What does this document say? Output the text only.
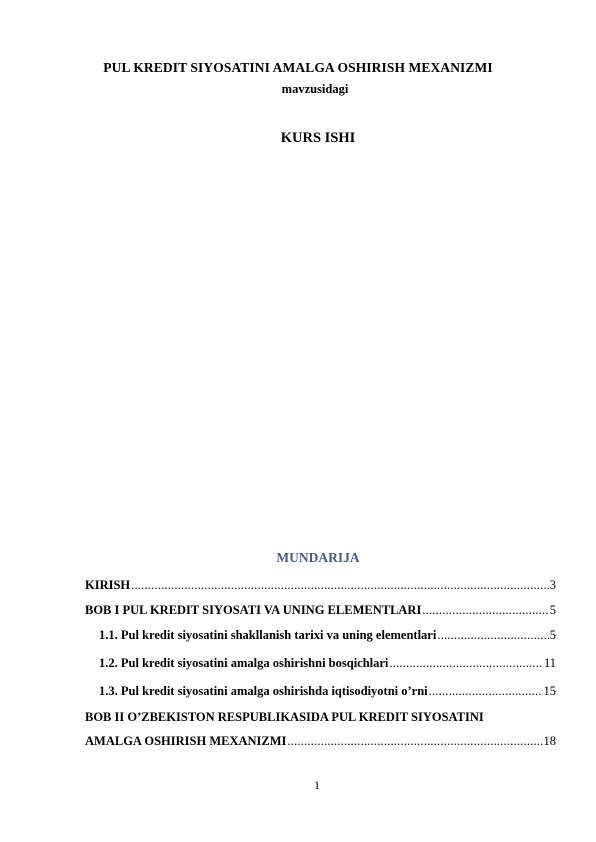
PUL KREDIT SIYOSATINI AMALGA OSHIRISH MEXANIZMI
mavzusidagi
KURS ISHI
MUNDARIJA
KIRISH .....	3
BOB I PUL KREDIT SIYOSATI VA UNING ELEMENTLARI .....	5
1.1. Pul kredit siyosatini shakllanish tarixi va uning elementlari .....	5
1.2. Pul kredit siyosatini amalga oshirishni bosqichlari .....	11
1.3. Pul kredit siyosatini amalga oshirishda iqtisodiyotni o’rni .....	15
BOB II O’ZBEKISTON RESPUBLIKASIDA PUL KREDIT SIYOSATINI
AMALGA OSHIRISH MEXANIZMI .....	18
1
